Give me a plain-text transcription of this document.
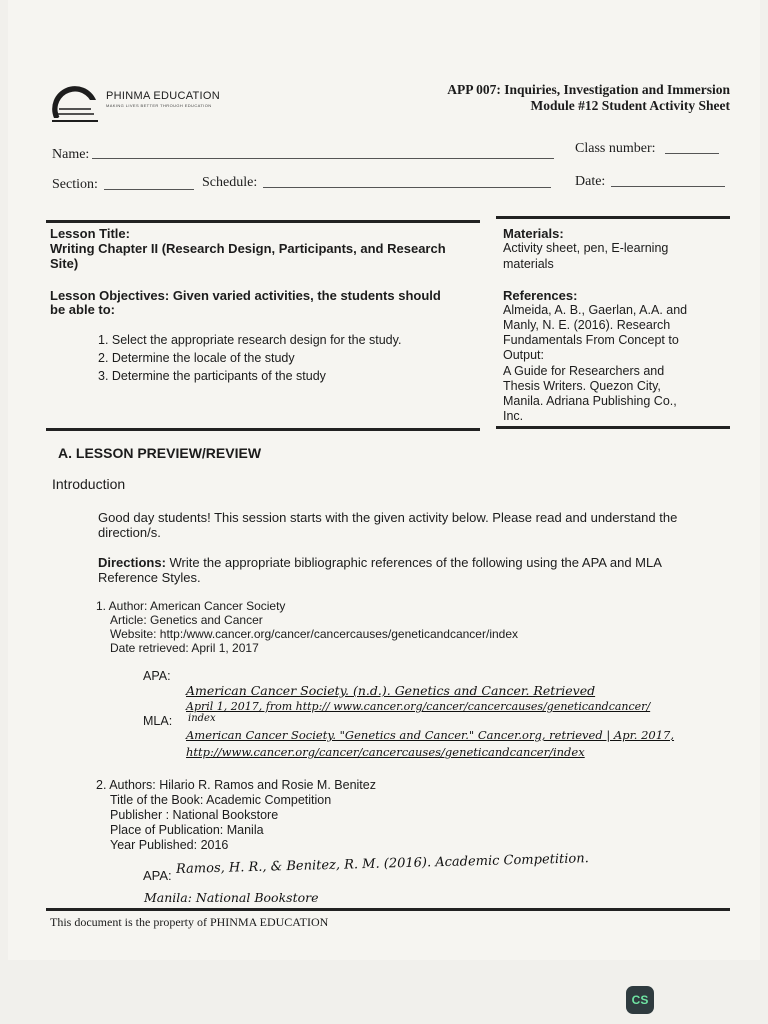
PHINMA EDUCATION
MAKING LIVES BETTER THROUGH EDUCATION
APP 007: Inquiries, Investigation and Immersion
Module #12 Student Activity Sheet
Name:	Class number:
Section:	Schedule:	Date:
Lesson Title:
Writing Chapter II (Research Design, Participants, and Research
Site)
Lesson Objectives: Given varied activities, the students should
be able to:
1. Select the appropriate research design for the study.
2. Determine the locale of the study
3. Determine the participants of the study
Materials:
Activity sheet, pen, E-learning
materials
References:
Almeida, A. B., Gaerlan, A.A. and
Manly, N. E. (2016). Research
Fundamentals From Concept to
Output:
A Guide for Researchers and
Thesis Writers. Quezon City,
Manila. Adriana Publishing Co.,
Inc.
A. LESSON PREVIEW/REVIEW
Introduction
Good day students! This session starts with the given activity below. Please read and understand the
direction/s.
Directions: Write the appropriate bibliographic references of the following using the APA and MLA
Reference Styles.
1. Author: American Cancer Society
Article: Genetics and Cancer
Website: http:/www.cancer.org/cancer/cancercauses/geneticandcancer/index
Date retrieved: April 1, 2017
APA:
American Cancer Society. (n.d.). Genetics and Cancer. Retrieved
April 1, 2017, from http:// www.cancer.org/cancer/cancercauses/geneticandcancer/
index
MLA:
American Cancer Society. "Genetics and Cancer." Cancer.org, retrieved | Apr. 2017,
http://www.cancer.org/cancer/cancercauses/geneticandcancer/index
2. Authors: Hilario R. Ramos and Rosie M. Benitez
Title of the Book: Academic Competition
Publisher : National Bookstore
Place of Publication: Manila
Year Published: 2016
APA: Ramos, H. R., & Benitez, R. M. (2016). Academic Competition.
Manila: National Bookstore
This document is the property of PHINMA EDUCATION
CS
